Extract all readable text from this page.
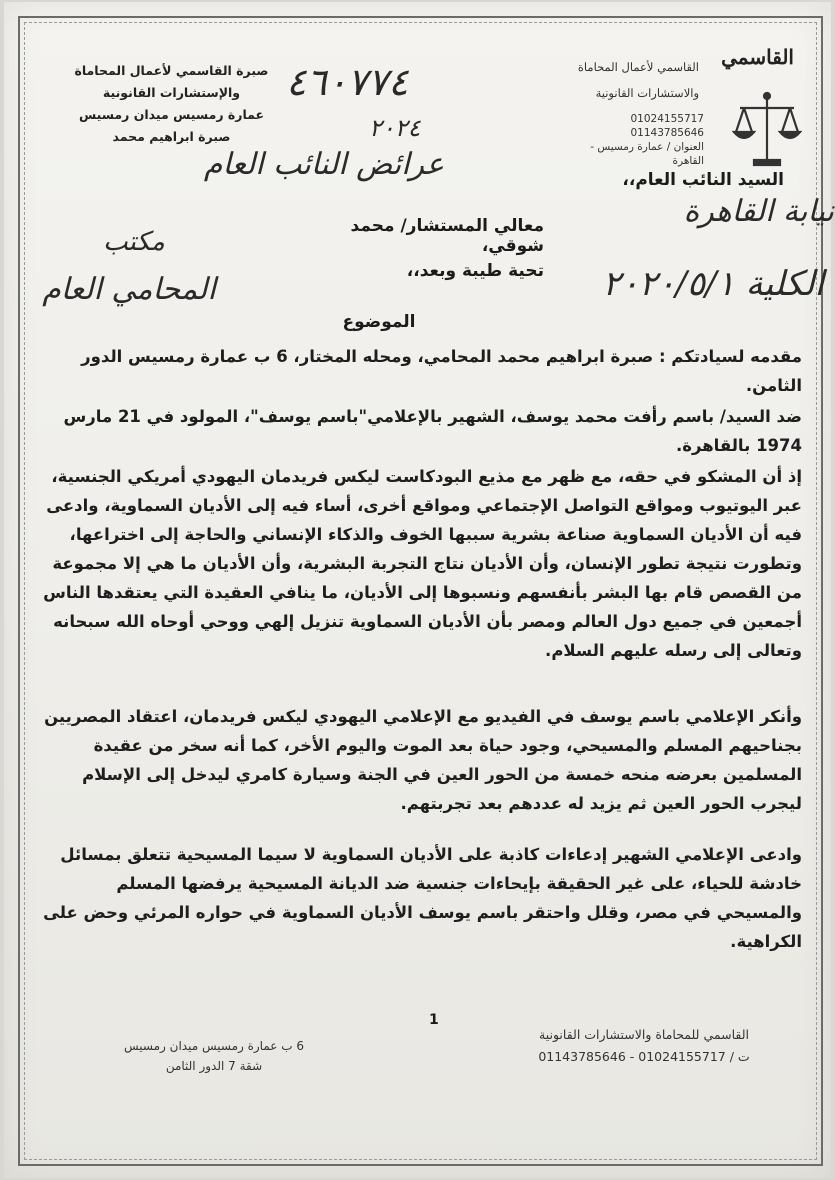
صبرة القاسمي لأعمال المحاماة
والإستشارات القانونية
عمارة رمسيس ميدان رمسيس
صبرة ابراهيم محمد
القاسمي
القاسمي لأعمال المحاماة
والاستشارات القانونية
01024155717
01143785646
العنوان / عمارة رمسيس - القاهرة
٤٦٠٧٧٤
٢٠٢٤
عرائض النائب العام
مكتب
المحامي العام
نيابة القاهرة
الكلية ٢٠٢٠/٥/١
السيد النائب العام،،
معالي المستشار/ محمد شوقي،
تحية طيبة وبعد،،
الموضوع
مقدمه لسيادتكم : صبرة ابراهيم محمد المحامي، ومحله المختار، 6 ب عمارة رمسيس الدور الثامن.
ضد السيد/ باسم رأفت محمد يوسف، الشهير بالإعلامي"باسم يوسف"، المولود في 21 مارس 1974 بالقاهرة.
إذ أن المشكو في حقه، مع ظهر مع مذيع البودكاست ليكس فريدمان اليهودي أمريكي الجنسية، عبر اليوتيوب ومواقع التواصل الإجتماعي ومواقع أخرى، أساء فيه إلى الأديان السماوية، وادعى فيه أن الأديان السماوية صناعة بشرية سببها الخوف والذكاء الإنساني والحاجة إلى اختراعها، وتطورت نتيجة تطور الإنسان، وأن الأديان نتاج التجربة البشرية، وأن الأديان ما هي إلا مجموعة من القصص قام بها البشر بأنفسهم ونسبوها إلى الأديان، ما ينافي العقيدة التي يعتقدها الناس أجمعين في جميع دول العالم ومصر بأن الأديان السماوية تنزيل إلهي ووحي أوحاه الله سبحانه وتعالى إلى رسله عليهم السلام.
وأنكر الإعلامي باسم يوسف في الفيديو مع الإعلامي اليهودي ليكس فريدمان، اعتقاد المصريين بجناحيهم المسلم والمسيحي، وجود حياة بعد الموت واليوم الأخر، كما أنه سخر من عقيدة المسلمين بعرضه منحه خمسة من الحور العين في الجنة وسيارة كامري ليدخل إلى الإسلام ليجرب الحور العين ثم يزيد له عددهم بعد تجربتهم.
وادعى الإعلامي الشهير إدعاءات كاذبة على الأديان السماوية لا سيما المسيحية تتعلق بمسائل خادشة للحياء، على غير الحقيقة بإيحاءات جنسية ضد الديانة المسيحية يرفضها المسلم والمسيحي في مصر، وقلل واحتقر باسم يوسف الأديان السماوية في حواره المرئي وحض على الكراهية.
1
6 ب عمارة رمسيس ميدان رمسيس
شقة 7 الدور الثامن
القاسمي للمحاماة والاستشارات القانونية
ت / 01024155717 - 01143785646
